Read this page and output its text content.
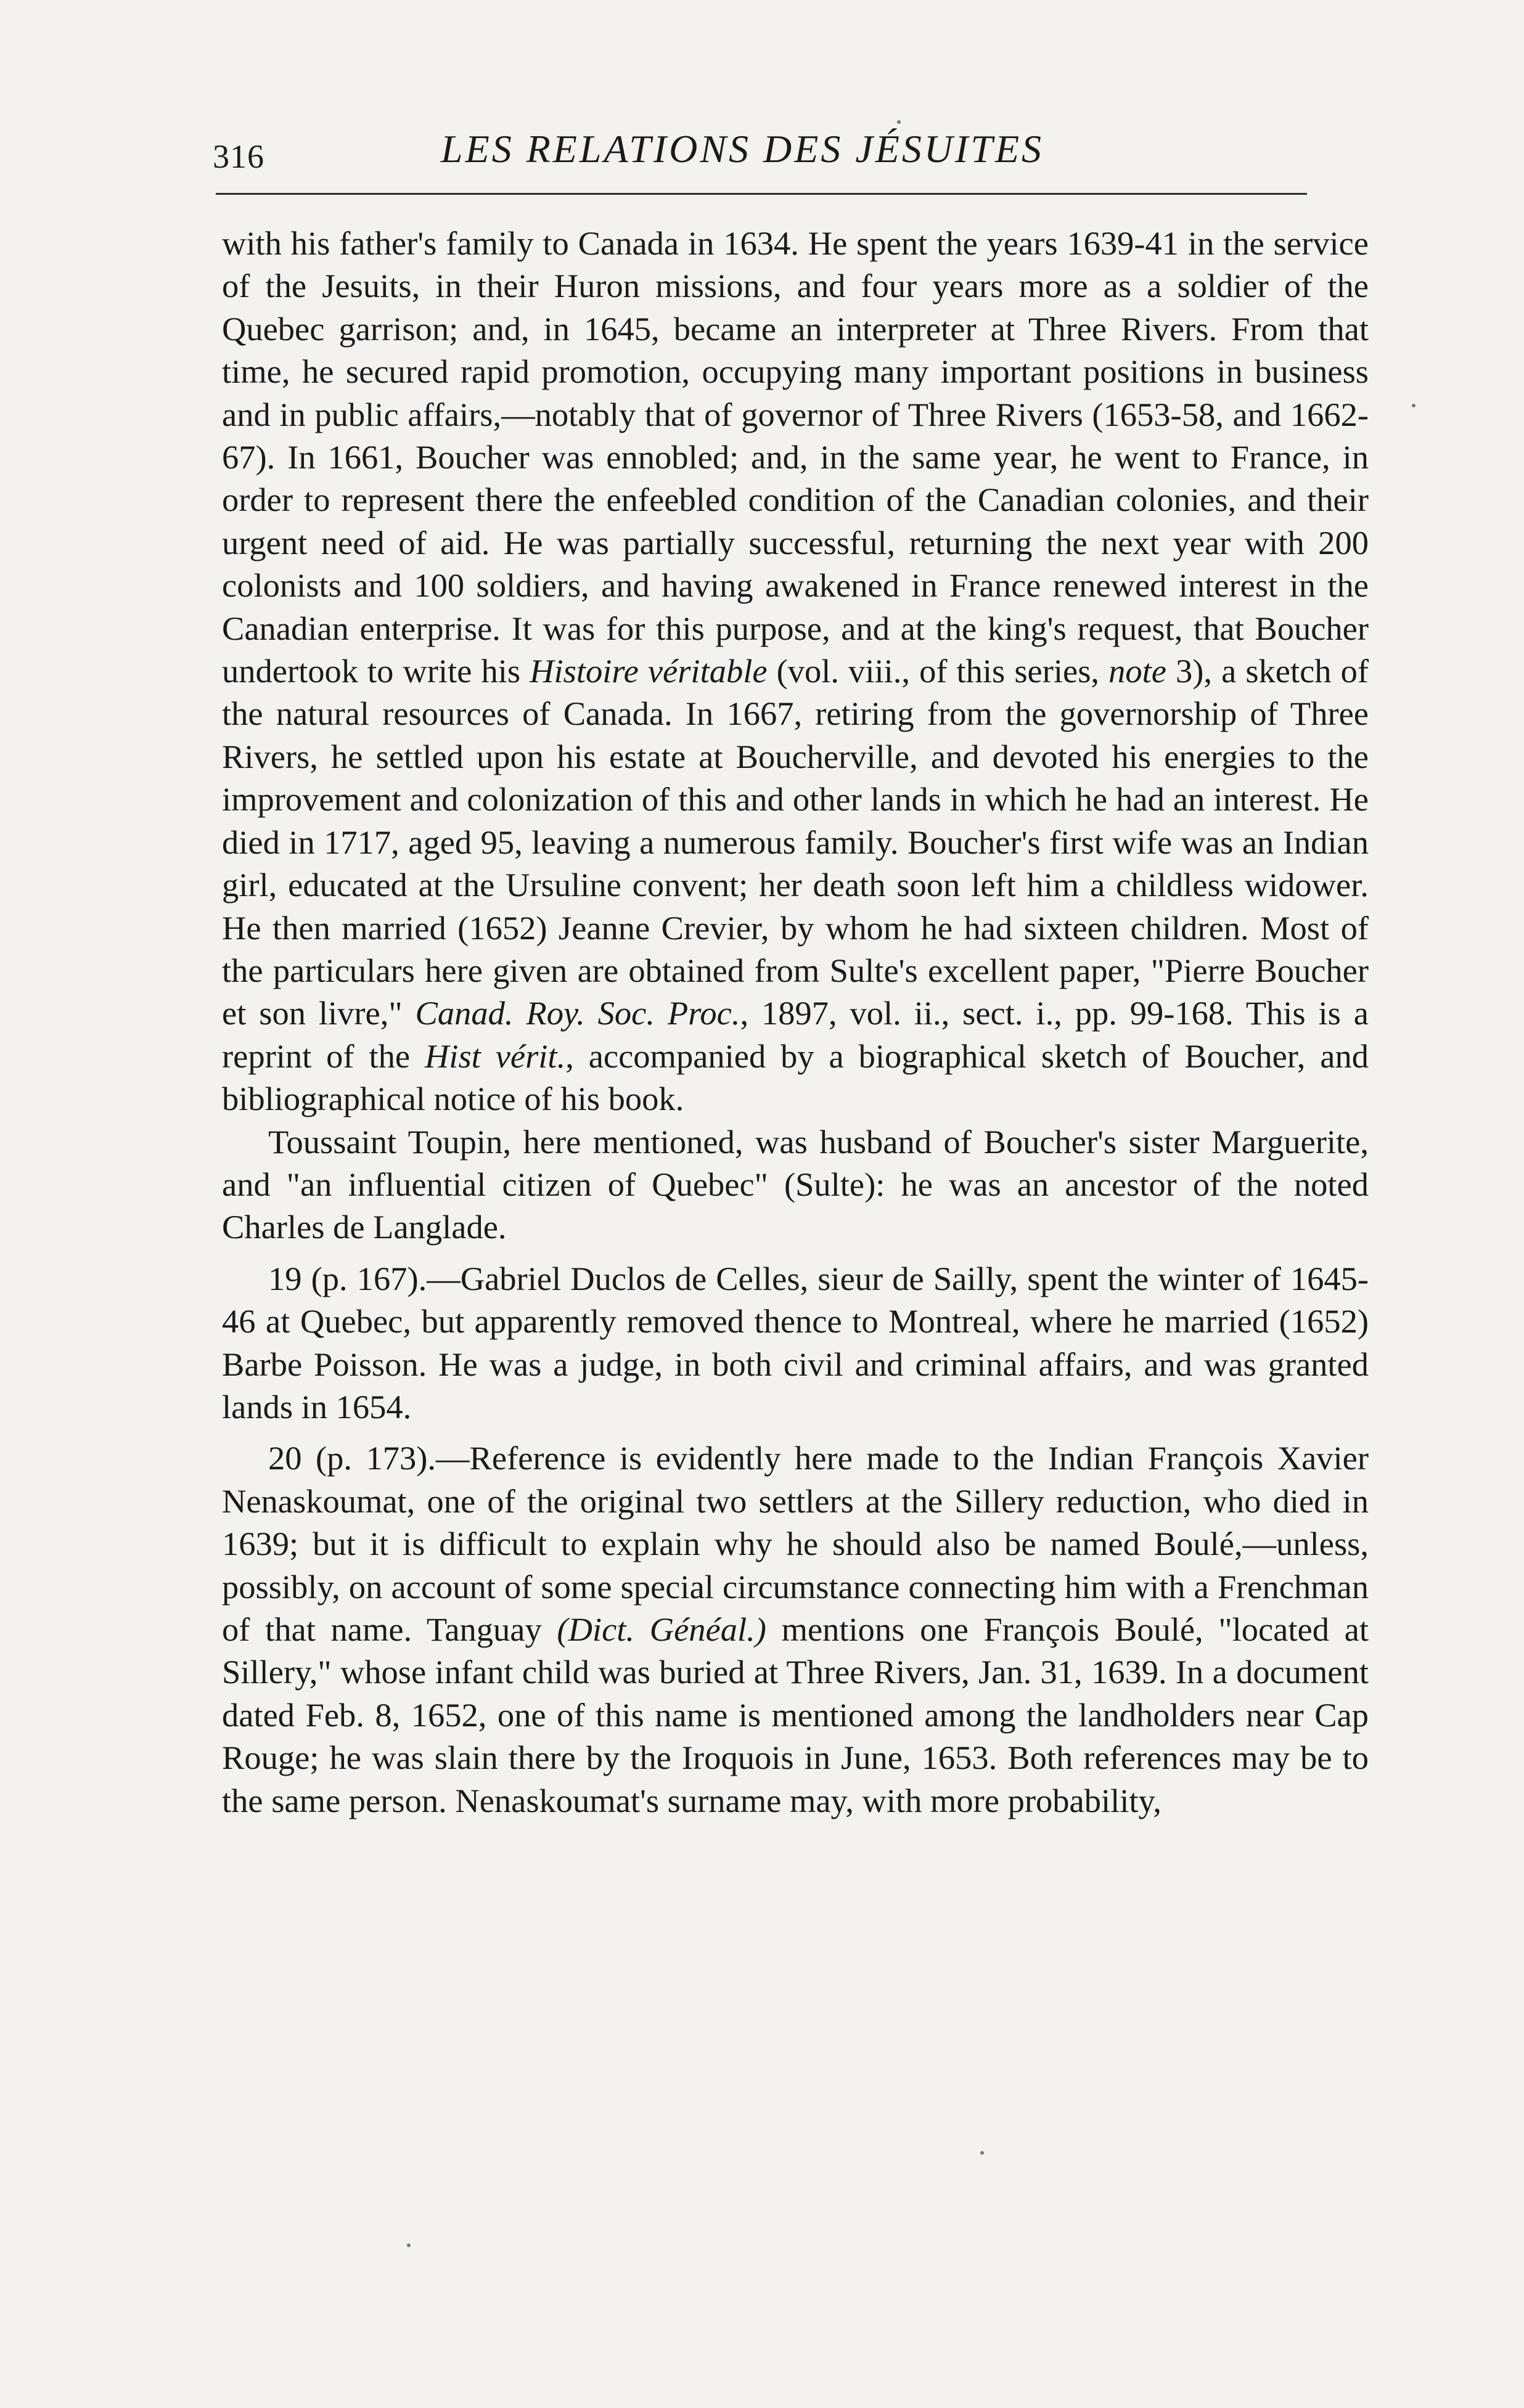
316	LES RELATIONS DES JÉSUITES

with his father's family to Canada in 1634. He spent the years 1639-41 in the service of the Jesuits, in their Huron missions, and four years more as a soldier of the Quebec garrison; and, in 1645, became an interpreter at Three Rivers. From that time, he secured rapid promotion, occupying many important positions in business and in public affairs,—notably that of governor of Three Rivers (1653-58, and 1662-67). In 1661, Boucher was ennobled; and, in the same year, he went to France, in order to represent there the enfeebled condition of the Canadian colonies, and their urgent need of aid. He was partially successful, returning the next year with 200 colonists and 100 soldiers, and having awakened in France renewed interest in the Canadian enterprise. It was for this purpose, and at the king's request, that Boucher undertook to write his Histoire véritable (vol. viii., of this series, note 3), a sketch of the natural resources of Canada. In 1667, retiring from the governorship of Three Rivers, he settled upon his estate at Boucherville, and devoted his energies to the improvement and colonization of this and other lands in which he had an interest. He died in 1717, aged 95, leaving a numerous family. Boucher's first wife was an Indian girl, educated at the Ursuline convent; her death soon left him a childless widower. He then married (1652) Jeanne Crevier, by whom he had sixteen children. Most of the particulars here given are obtained from Sulte's excellent paper, "Pierre Boucher et son livre," Canad. Roy. Soc. Proc., 1897, vol. ii., sect. i., pp. 99-168. This is a reprint of the Hist vérit., accompanied by a biographical sketch of Boucher, and bibliographical notice of his book.

Toussaint Toupin, here mentioned, was husband of Boucher's sister Marguerite, and "an influential citizen of Quebec" (Sulte): he was an ancestor of the noted Charles de Langlade.

19 (p. 167).—Gabriel Duclos de Celles, sieur de Sailly, spent the winter of 1645-46 at Quebec, but apparently removed thence to Montreal, where he married (1652) Barbe Poisson. He was a judge, in both civil and criminal affairs, and was granted lands in 1654.

20 (p. 173).—Reference is evidently here made to the Indian François Xavier Nenaskoumat, one of the original two settlers at the Sillery reduction, who died in 1639; but it is difficult to explain why he should also be named Boulé,—unless, possibly, on account of some special circumstance connecting him with a Frenchman of that name. Tanguay (Dict. Généal.) mentions one François Boulé, "located at Sillery," whose infant child was buried at Three Rivers, Jan. 31, 1639. In a document dated Feb. 8, 1652, one of this name is mentioned among the landholders near Cap Rouge; he was slain there by the Iroquois in June, 1653. Both references may be to the same person. Nenaskoumat's surname may, with more probability,
